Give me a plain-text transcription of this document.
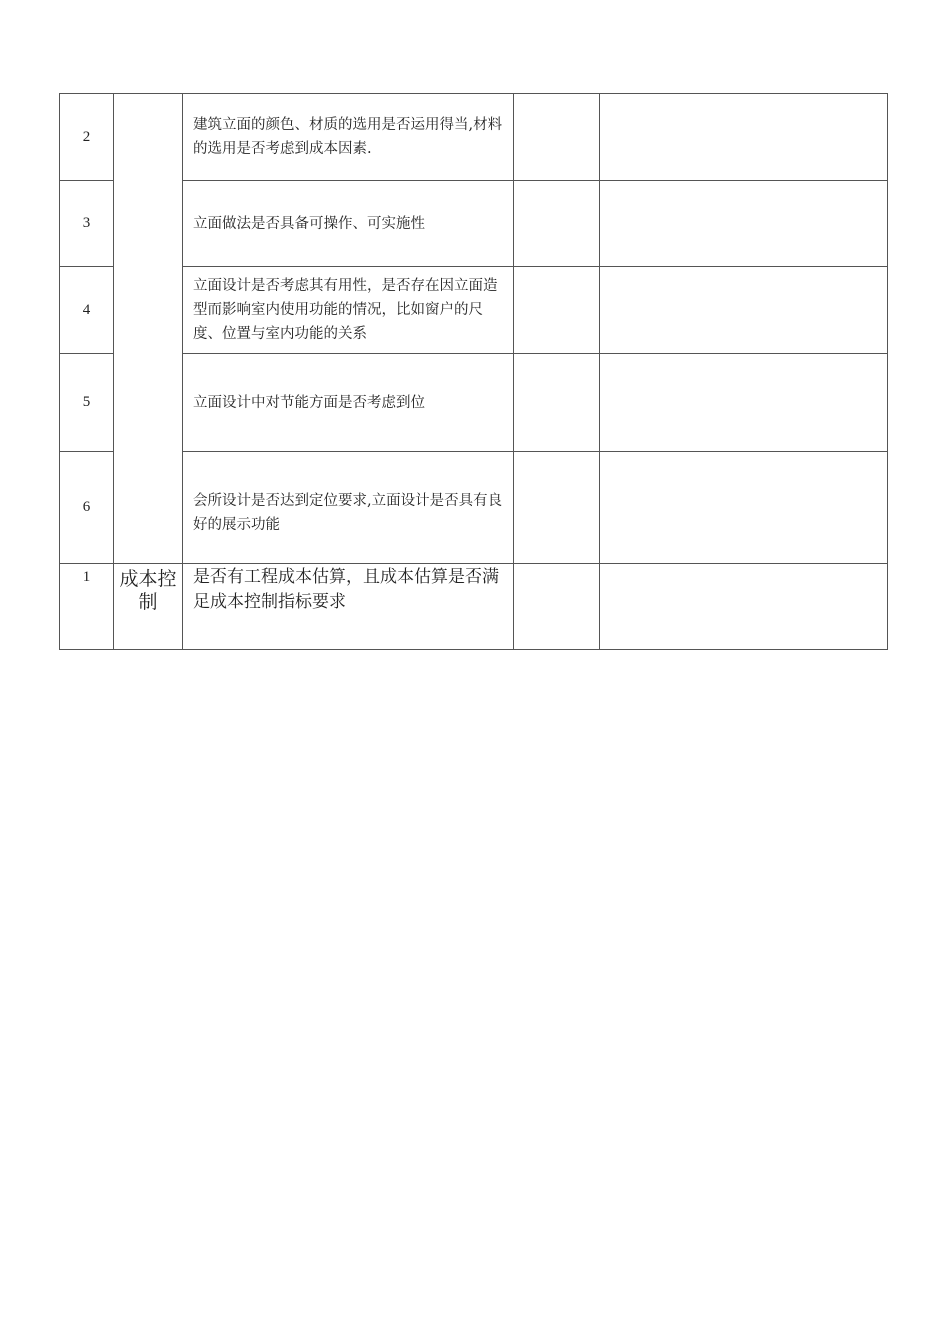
2		建筑立面的颜色、材质的选用是否运用得当,材料的选用是否考虑到成本因素.		
3		立面做法是否具备可操作、可实施性		
4		立面设计是否考虑其有用性，是否存在因立面造型而影响室内使用功能的情况，比如窗户的尺度、位置与室内功能的关系		
5		立面设计中对节能方面是否考虑到位		
6		会所设计是否达到定位要求,立面设计是否具有良好的展示功能		
1	成本控制	是否有工程成本估算，且成本估算是否满足成本控制指标要求		
